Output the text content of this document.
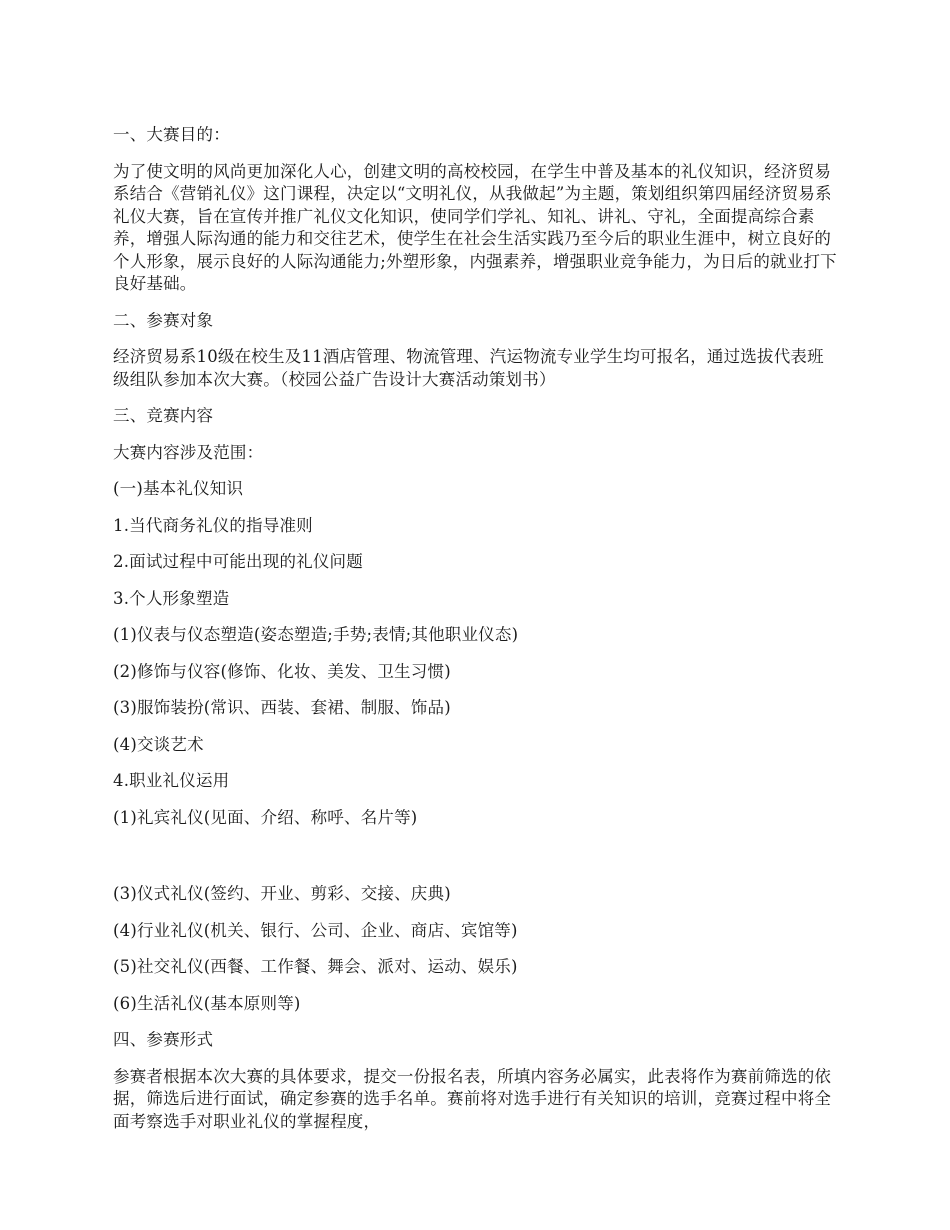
一、大赛目的：

为了使文明的风尚更加深化人心，创建文明的高校校园，在学生中普及基本的礼仪知识，经济贸易系结合《营销礼仪》这门课程，决定以“文明礼仪，从我做起”为主题，策划组织第四届经济贸易系礼仪大赛，旨在宣传并推广礼仪文化知识，使同学们学礼、知礼、讲礼、守礼，全面提高综合素养，增强人际沟通的能力和交往艺术，使学生在社会生活实践乃至今后的职业生涯中，树立良好的个人形象，展示良好的人际沟通能力;外塑形象，内强素养，增强职业竞争能力，为日后的就业打下良好基础。

二、参赛对象

经济贸易系10级在校生及11酒店管理、物流管理、汽运物流专业学生均可报名，通过选拔代表班级组队参加本次大赛。（校园公益广告设计大赛活动策划书）

三、竞赛内容

大赛内容涉及范围：

(一)基本礼仪知识

1.当代商务礼仪的指导准则

2.面试过程中可能出现的礼仪问题

3.个人形象塑造

(1)仪表与仪态塑造(姿态塑造;手势;表情;其他职业仪态)

(2)修饰与仪容(修饰、化妆、美发、卫生习惯)

(3)服饰装扮(常识、西装、套裙、制服、饰品)

(4)交谈艺术

4.职业礼仪运用

(1)礼宾礼仪(见面、介绍、称呼、名片等)

(3)仪式礼仪(签约、开业、剪彩、交接、庆典)

(4)行业礼仪(机关、银行、公司、企业、商店、宾馆等)

(5)社交礼仪(西餐、工作餐、舞会、派对、运动、娱乐)

(6)生活礼仪(基本原则等)

四、参赛形式

参赛者根据本次大赛的具体要求，提交一份报名表，所填内容务必属实，此表将作为赛前筛选的依据，筛选后进行面试，确定参赛的选手名单。赛前将对选手进行有关知识的培训，竞赛过程中将全面考察选手对职业礼仪的掌握程度，
